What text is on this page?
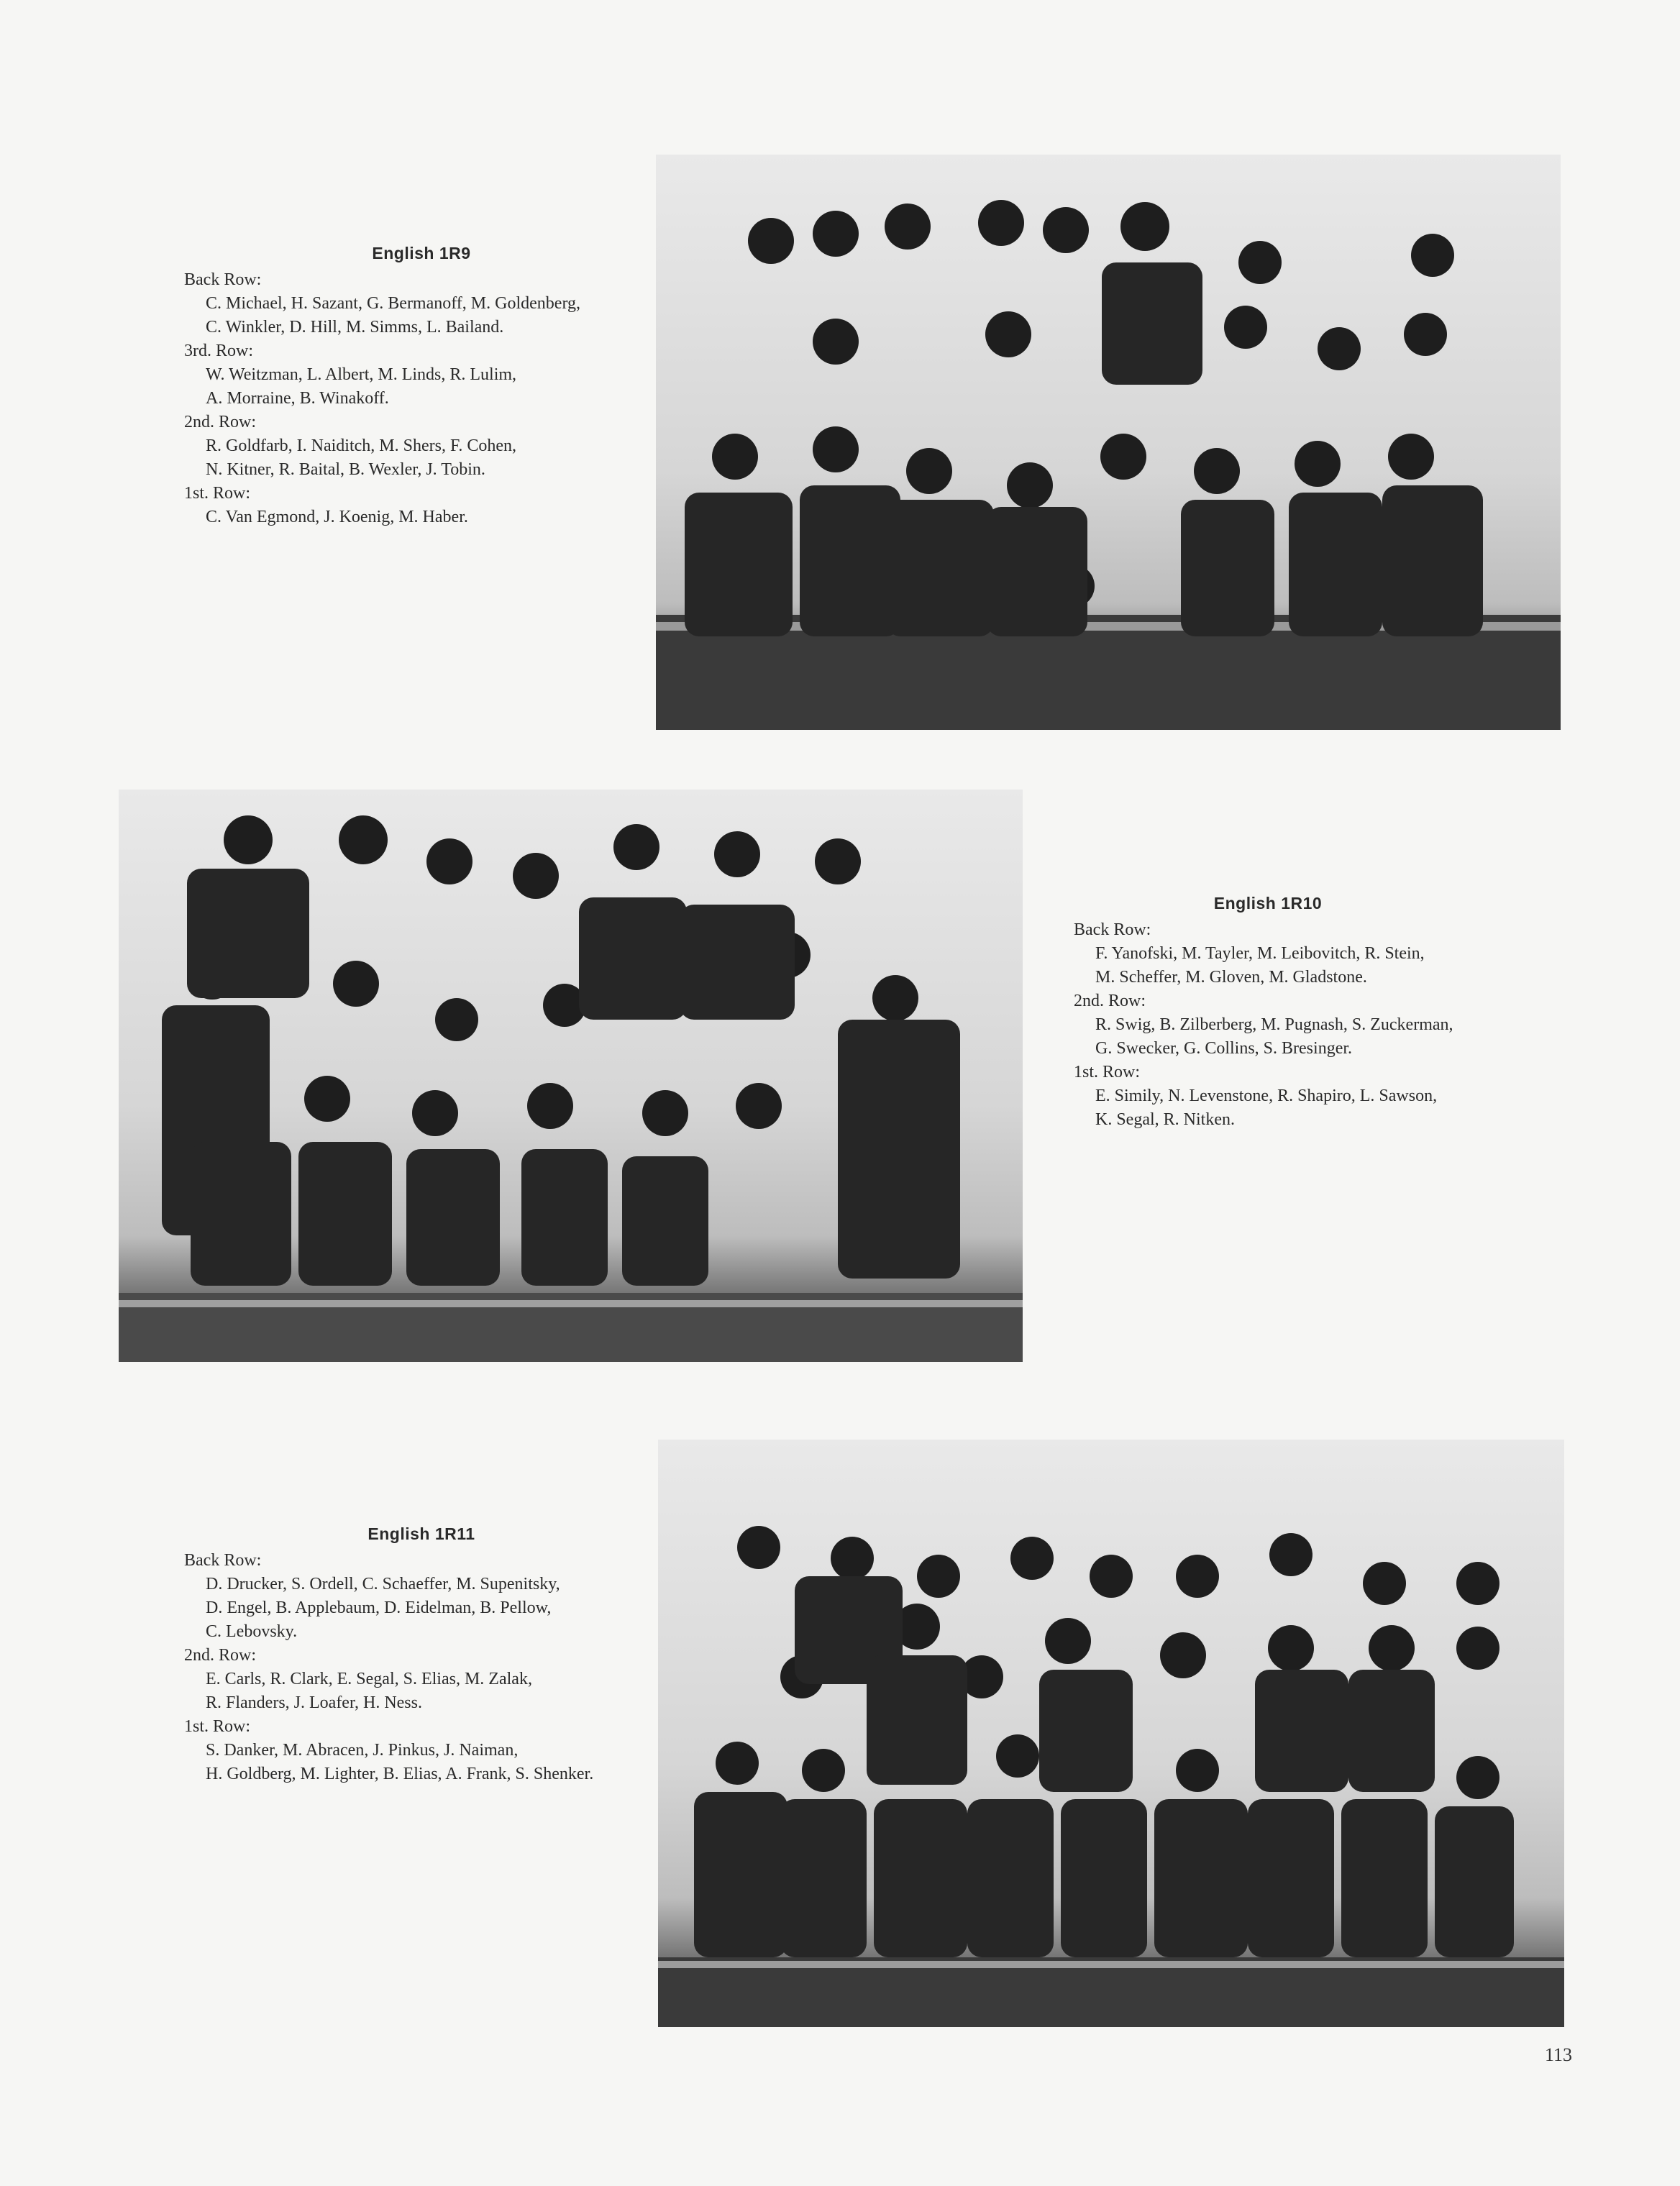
English 1R9

Back Row:

C. Michael, H. Sazant, G. Bermanoff, M. Goldenberg,

C. Winkler, D. Hill, M. Simms, L. Bailand.

3rd. Row:

W. Weitzman, L. Albert, M. Linds, R. Lulim,

A. Morraine, B. Winakoff.

2nd. Row:

R. Goldfarb, I. Naiditch, M. Shers, F. Cohen,

N. Kitner, R. Baital, B. Wexler, J. Tobin.

1st. Row:

C. Van Egmond, J. Koenig, M. Haber.

English 1R10

Back Row:

F. Yanofski, M. Tayler, M. Leibovitch, R. Stein,

M. Scheffer, M. Gloven, M. Gladstone.

2nd. Row:

R. Swig, B. Zilberberg, M. Pugnash, S. Zuckerman,

G. Swecker, G. Collins, S. Bresinger.

1st. Row:

E. Simily, N. Levenstone, R. Shapiro, L. Sawson,

K. Segal, R. Nitken.

English 1R11

Back Row:

D. Drucker, S. Ordell, C. Schaeffer, M. Supenitsky,

D. Engel, B. Applebaum, D. Eidelman, B. Pellow,

C. Lebovsky.

2nd. Row:

E. Carls, R. Clark, E. Segal, S. Elias, M. Zalak,

R. Flanders, J. Loafer, H. Ness.

1st. Row:

S. Danker, M. Abracen, J. Pinkus, J. Naiman,

H. Goldberg, M. Lighter, B. Elias, A. Frank, S. Shenker.

113
